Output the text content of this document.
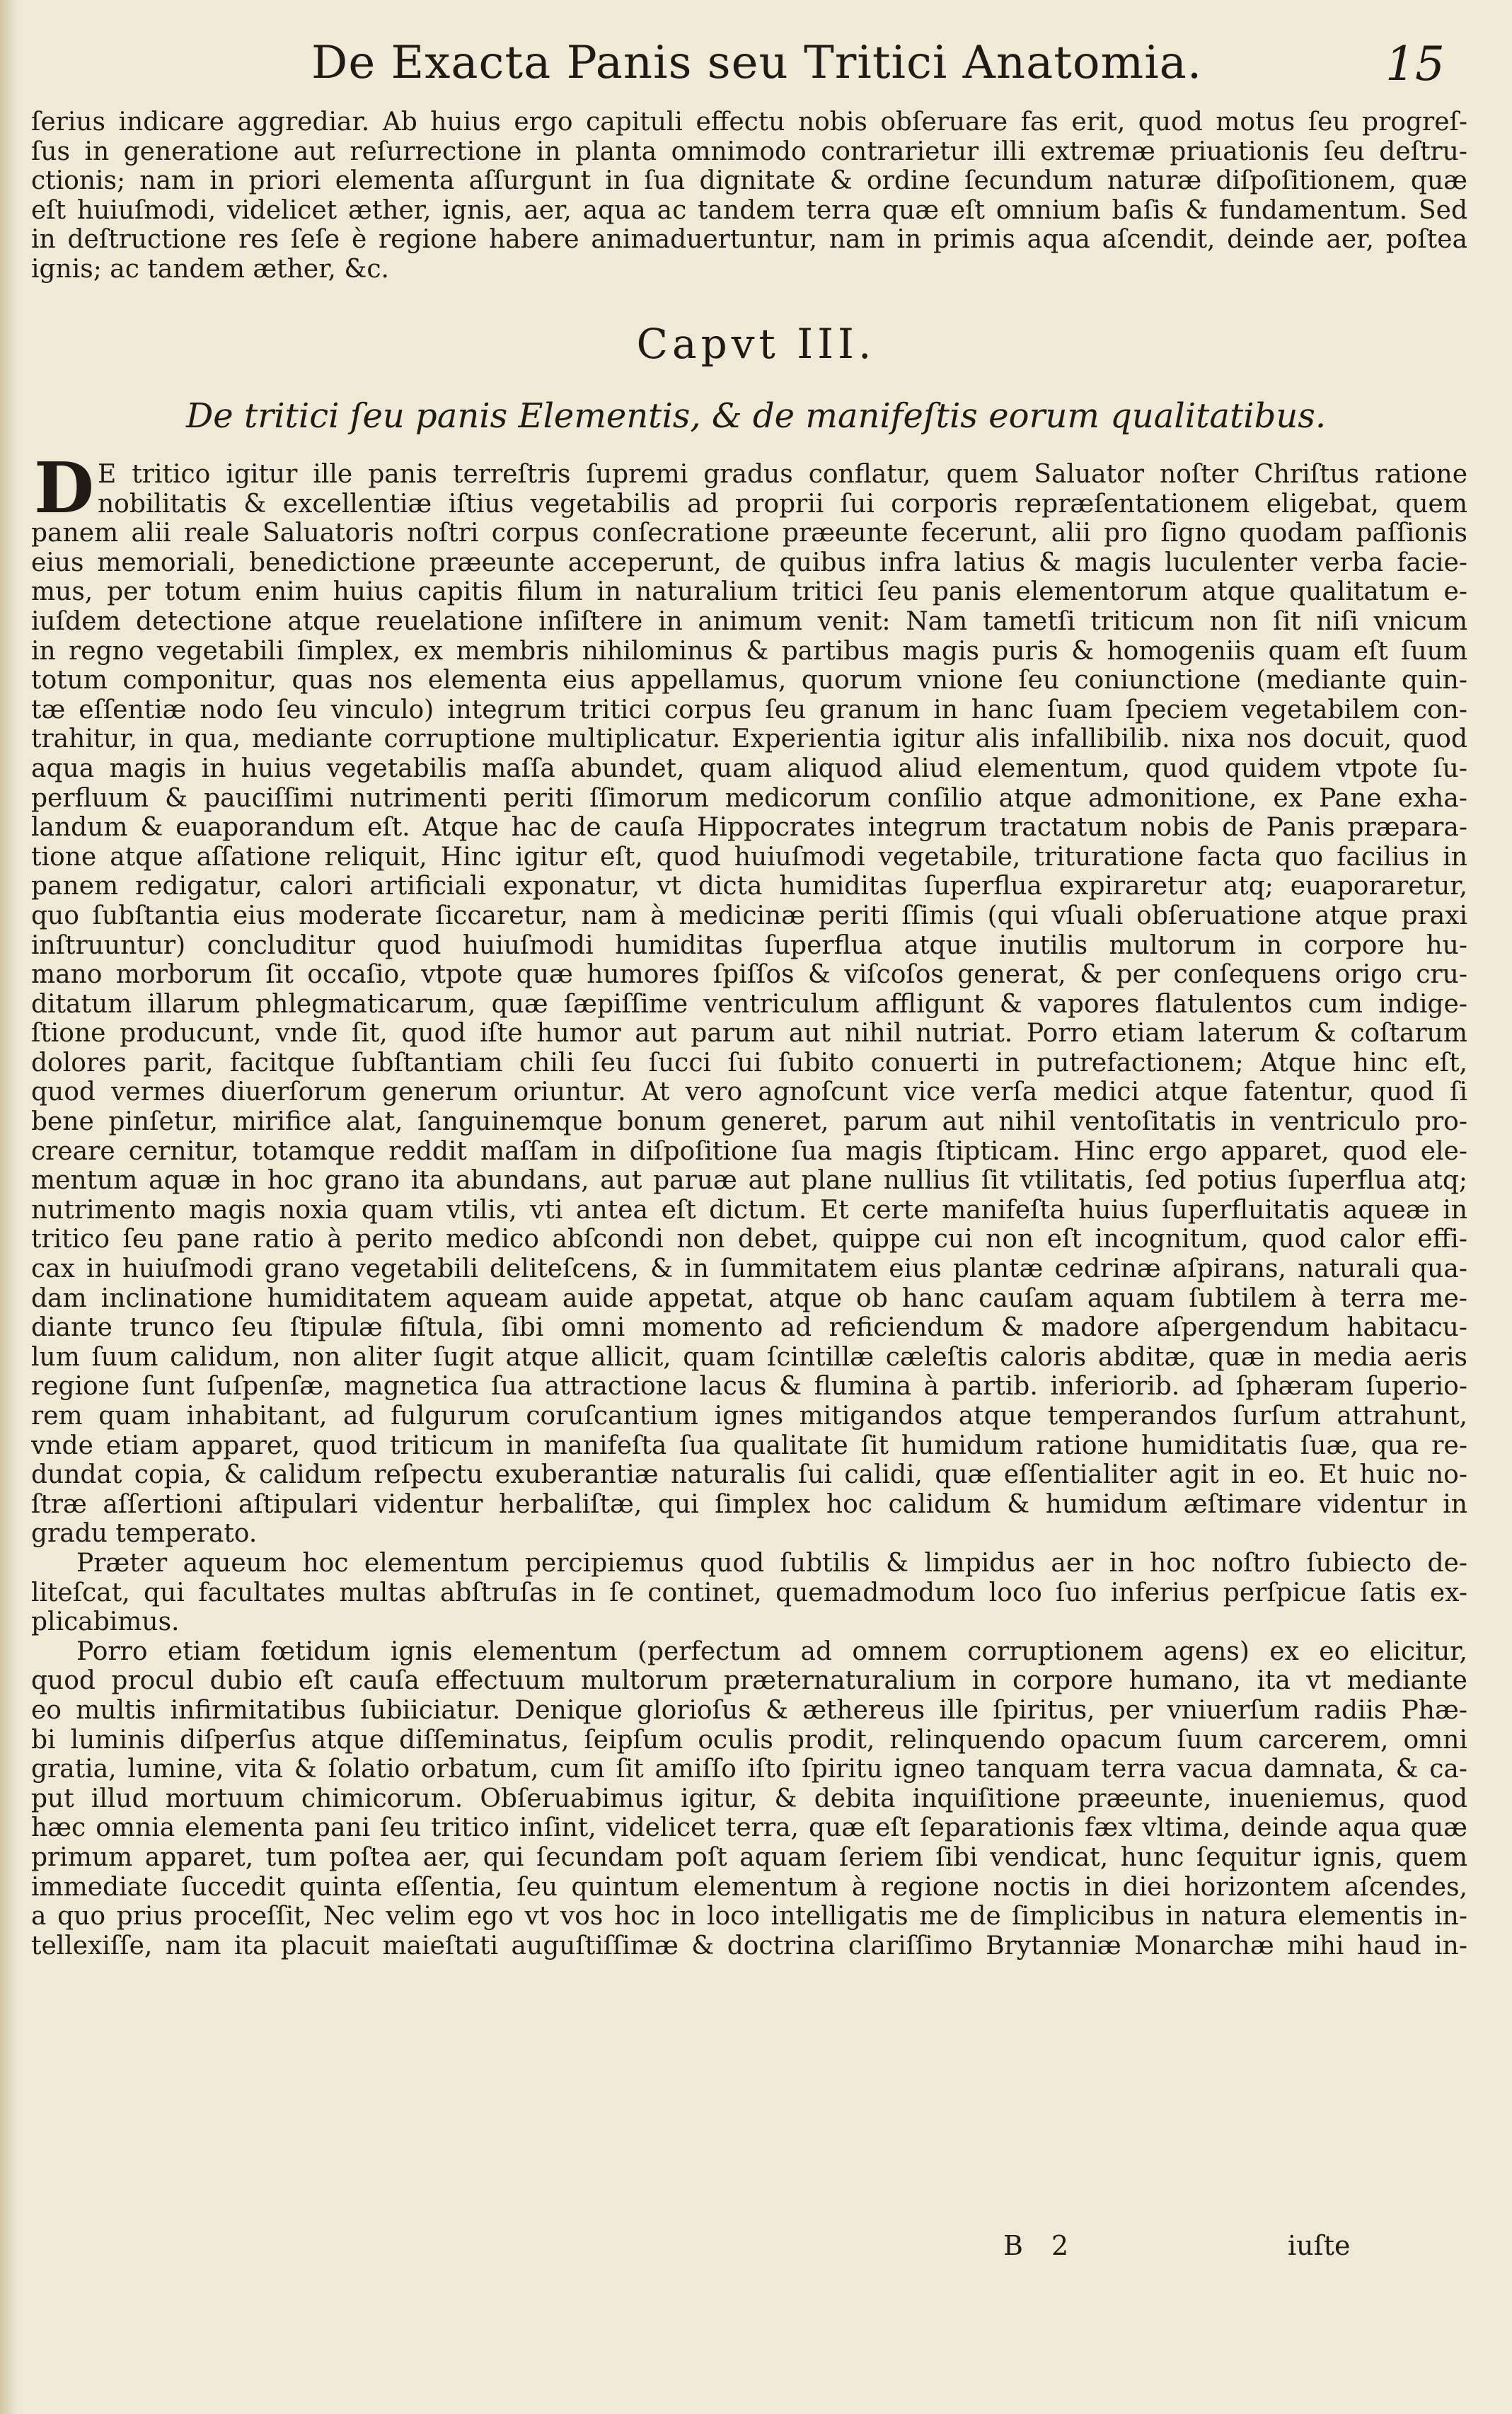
De Exacta Panis seu Tritici Anatomia.	15
ſerius indicare aggrediar. Ab huius ergo capituli effectu nobis obſeruare fas erit, quod motus ſeu progreſ-
ſus in generatione aut reſurrectione in planta omnimodo contrarietur illi extremæ priuationis ſeu deſtru-
ctionis; nam in priori elementa aſſurgunt in ſua dignitate & ordine ſecundum naturæ diſpoſitionem, quæ
eſt huiuſmodi, videlicet æther, ignis, aer, aqua ac tandem terra quæ eſt omnium baſis & fundamentum. Sed
in deſtructione res ſeſe è regione habere animaduertuntur, nam in primis aqua aſcendit, deinde aer, poſtea
ignis; ac tandem æther, &c.
Capvt III.
De tritici ſeu panis Elementis, & de manifeſtis eorum qualitatibus.
D E tritico igitur ille panis terreſtris ſupremi gradus conflatur, quem Saluator noſter Chriſtus ratione
nobilitatis & excellentiæ iſtius vegetabilis ad proprii ſui corporis repræſentationem eligebat, quem
panem alii reale Saluatoris noſtri corpus conſecratione præeunte fecerunt, alii pro ſigno quodam paſſionis
eius memoriali, benedictione præeunte acceperunt, de quibus infra latius & magis luculenter verba facie-
mus, per totum enim huius capitis filum in naturalium tritici ſeu panis elementorum atque qualitatum e-
iuſdem detectione atque reuelatione inſiſtere in animum venit: Nam tametſi triticum non ſit niſi vnicum
in regno vegetabili ſimplex, ex membris nihilominus & partibus magis puris & homogeniis quam eſt ſuum
totum componitur, quas nos elementa eius appellamus, quorum vnione ſeu coniunctione (mediante quin-
tæ eſſentiæ nodo ſeu vinculo) integrum tritici corpus ſeu granum in hanc ſuam ſpeciem vegetabilem con-
trahitur, in qua, mediante corruptione multiplicatur. Experientia igitur alis infallibilib. nixa nos docuit, quod
aqua magis in huius vegetabilis maſſa abundet, quam aliquod aliud elementum, quod quidem vtpote ſu-
perfluum & pauciſſimi nutrimenti periti ſſimorum medicorum conſilio atque admonitione, ex Pane exha-
landum & euaporandum eſt. Atque hac de cauſa Hippocrates integrum tractatum nobis de Panis præpara-
tione atque aſſatione reliquit, Hinc igitur eſt, quod huiuſmodi vegetabile, trituratione facta quo facilius in
panem redigatur, calori artificiali exponatur, vt dicta humiditas ſuperflua expiraretur atq; euaporaretur,
quo ſubſtantia eius moderate ſiccaretur, nam à medicinæ periti ſſimis (qui vſuali obſeruatione atque praxi
inſtruuntur) concluditur quod huiuſmodi humiditas ſuperflua atque inutilis multorum in corpore hu-
mano morborum ſit occaſio, vtpote quæ humores ſpiſſos & viſcoſos generat, & per conſequens origo cru-
ditatum illarum phlegmaticarum, quæ ſæpiſſime ventriculum affligunt & vapores flatulentos cum indige-
ſtione producunt, vnde ſit, quod iſte humor aut parum aut nihil nutriat. Porro etiam laterum & coſtarum
dolores parit, facitque ſubſtantiam chili ſeu ſucci ſui ſubito conuerti in putrefactionem; Atque hinc eſt,
quod vermes diuerſorum generum oriuntur. At vero agnoſcunt vice verſa medici atque fatentur, quod ſi
bene pinſetur, mirifice alat, ſanguinemque bonum generet, parum aut nihil ventoſitatis in ventriculo pro-
creare cernitur, totamque reddit maſſam in diſpoſitione ſua magis ſtipticam. Hinc ergo apparet, quod ele-
mentum aquæ in hoc grano ita abundans, aut paruæ aut plane nullius ſit vtilitatis, ſed potius ſuperflua atq;
nutrimento magis noxia quam vtilis, vti antea eſt dictum. Et certe manifeſta huius ſuperfluitatis aqueæ in
tritico ſeu pane ratio à perito medico abſcondi non debet, quippe cui non eſt incognitum, quod calor effi-
cax in huiuſmodi grano vegetabili deliteſcens, & in ſummitatem eius plantæ cedrinæ aſpirans, naturali qua-
dam inclinatione humiditatem aqueam auide appetat, atque ob hanc cauſam aquam ſubtilem à terra me-
diante trunco ſeu ſtipulæ fiſtula, ſibi omni momento ad reficiendum & madore aſpergendum habitacu-
lum ſuum calidum, non aliter ſugit atque allicit, quam ſcintillæ cæleſtis caloris abditæ, quæ in media aeris
regione ſunt ſuſpenſæ, magnetica ſua attractione lacus & flumina à partib. inferiorib. ad ſphæram ſuperio-
rem quam inhabitant, ad fulgurum coruſcantium ignes mitigandos atque temperandos ſurſum attrahunt,
vnde etiam apparet, quod triticum in manifeſta ſua qualitate ſit humidum ratione humiditatis ſuæ, qua re-
dundat copia, & calidum reſpectu exuberantiæ naturalis ſui calidi, quæ eſſentialiter agit in eo. Et huic no-
ſtræ aſſertioni aſtipulari videntur herbaliſtæ, qui ſimplex hoc calidum & humidum æſtimare videntur in
gradu temperato.
Præter aqueum hoc elementum percipiemus quod ſubtilis & limpidus aer in hoc noſtro ſubiecto de-
liteſcat, qui facultates multas abſtruſas in ſe continet, quemadmodum loco ſuo inferius perſpicue ſatis ex-
plicabimus.
Porro etiam fœtidum ignis elementum (perfectum ad omnem corruptionem agens) ex eo elicitur,
quod procul dubio eſt cauſa effectuum multorum præternaturalium in corpore humano, ita vt mediante
eo multis infirmitatibus ſubiiciatur. Denique glorioſus & æthereus ille ſpiritus, per vniuerſum radiis Phæ-
bi luminis diſperſus atque diſſeminatus, ſeipſum oculis prodit, relinquendo opacum ſuum carcerem, omni
gratia, lumine, vita & ſolatio orbatum, cum ſit amiſſo iſto ſpiritu igneo tanquam terra vacua damnata, & ca-
put illud mortuum chimicorum. Obſeruabimus igitur, & debita inquiſitione præeunte, inueniemus, quod
hæc omnia elementa pani ſeu tritico inſint, videlicet terra, quæ eſt ſeparationis fæx vltima, deinde aqua quæ
primum apparet, tum poſtea aer, qui ſecundam poſt aquam ſeriem ſibi vendicat, hunc ſequitur ignis, quem
immediate ſuccedit quinta eſſentia, ſeu quintum elementum à regione noctis in diei horizontem aſcendes,
a quo prius proceſſit, Nec velim ego vt vos hoc in loco intelligatis me de ſimplicibus in natura elementis in-
tellexiſſe, nam ita placuit maieſtati auguſtiſſimæ & doctrina clariſſimo Brytanniæ Monarchæ mihi haud in-
B 2	iuſte
